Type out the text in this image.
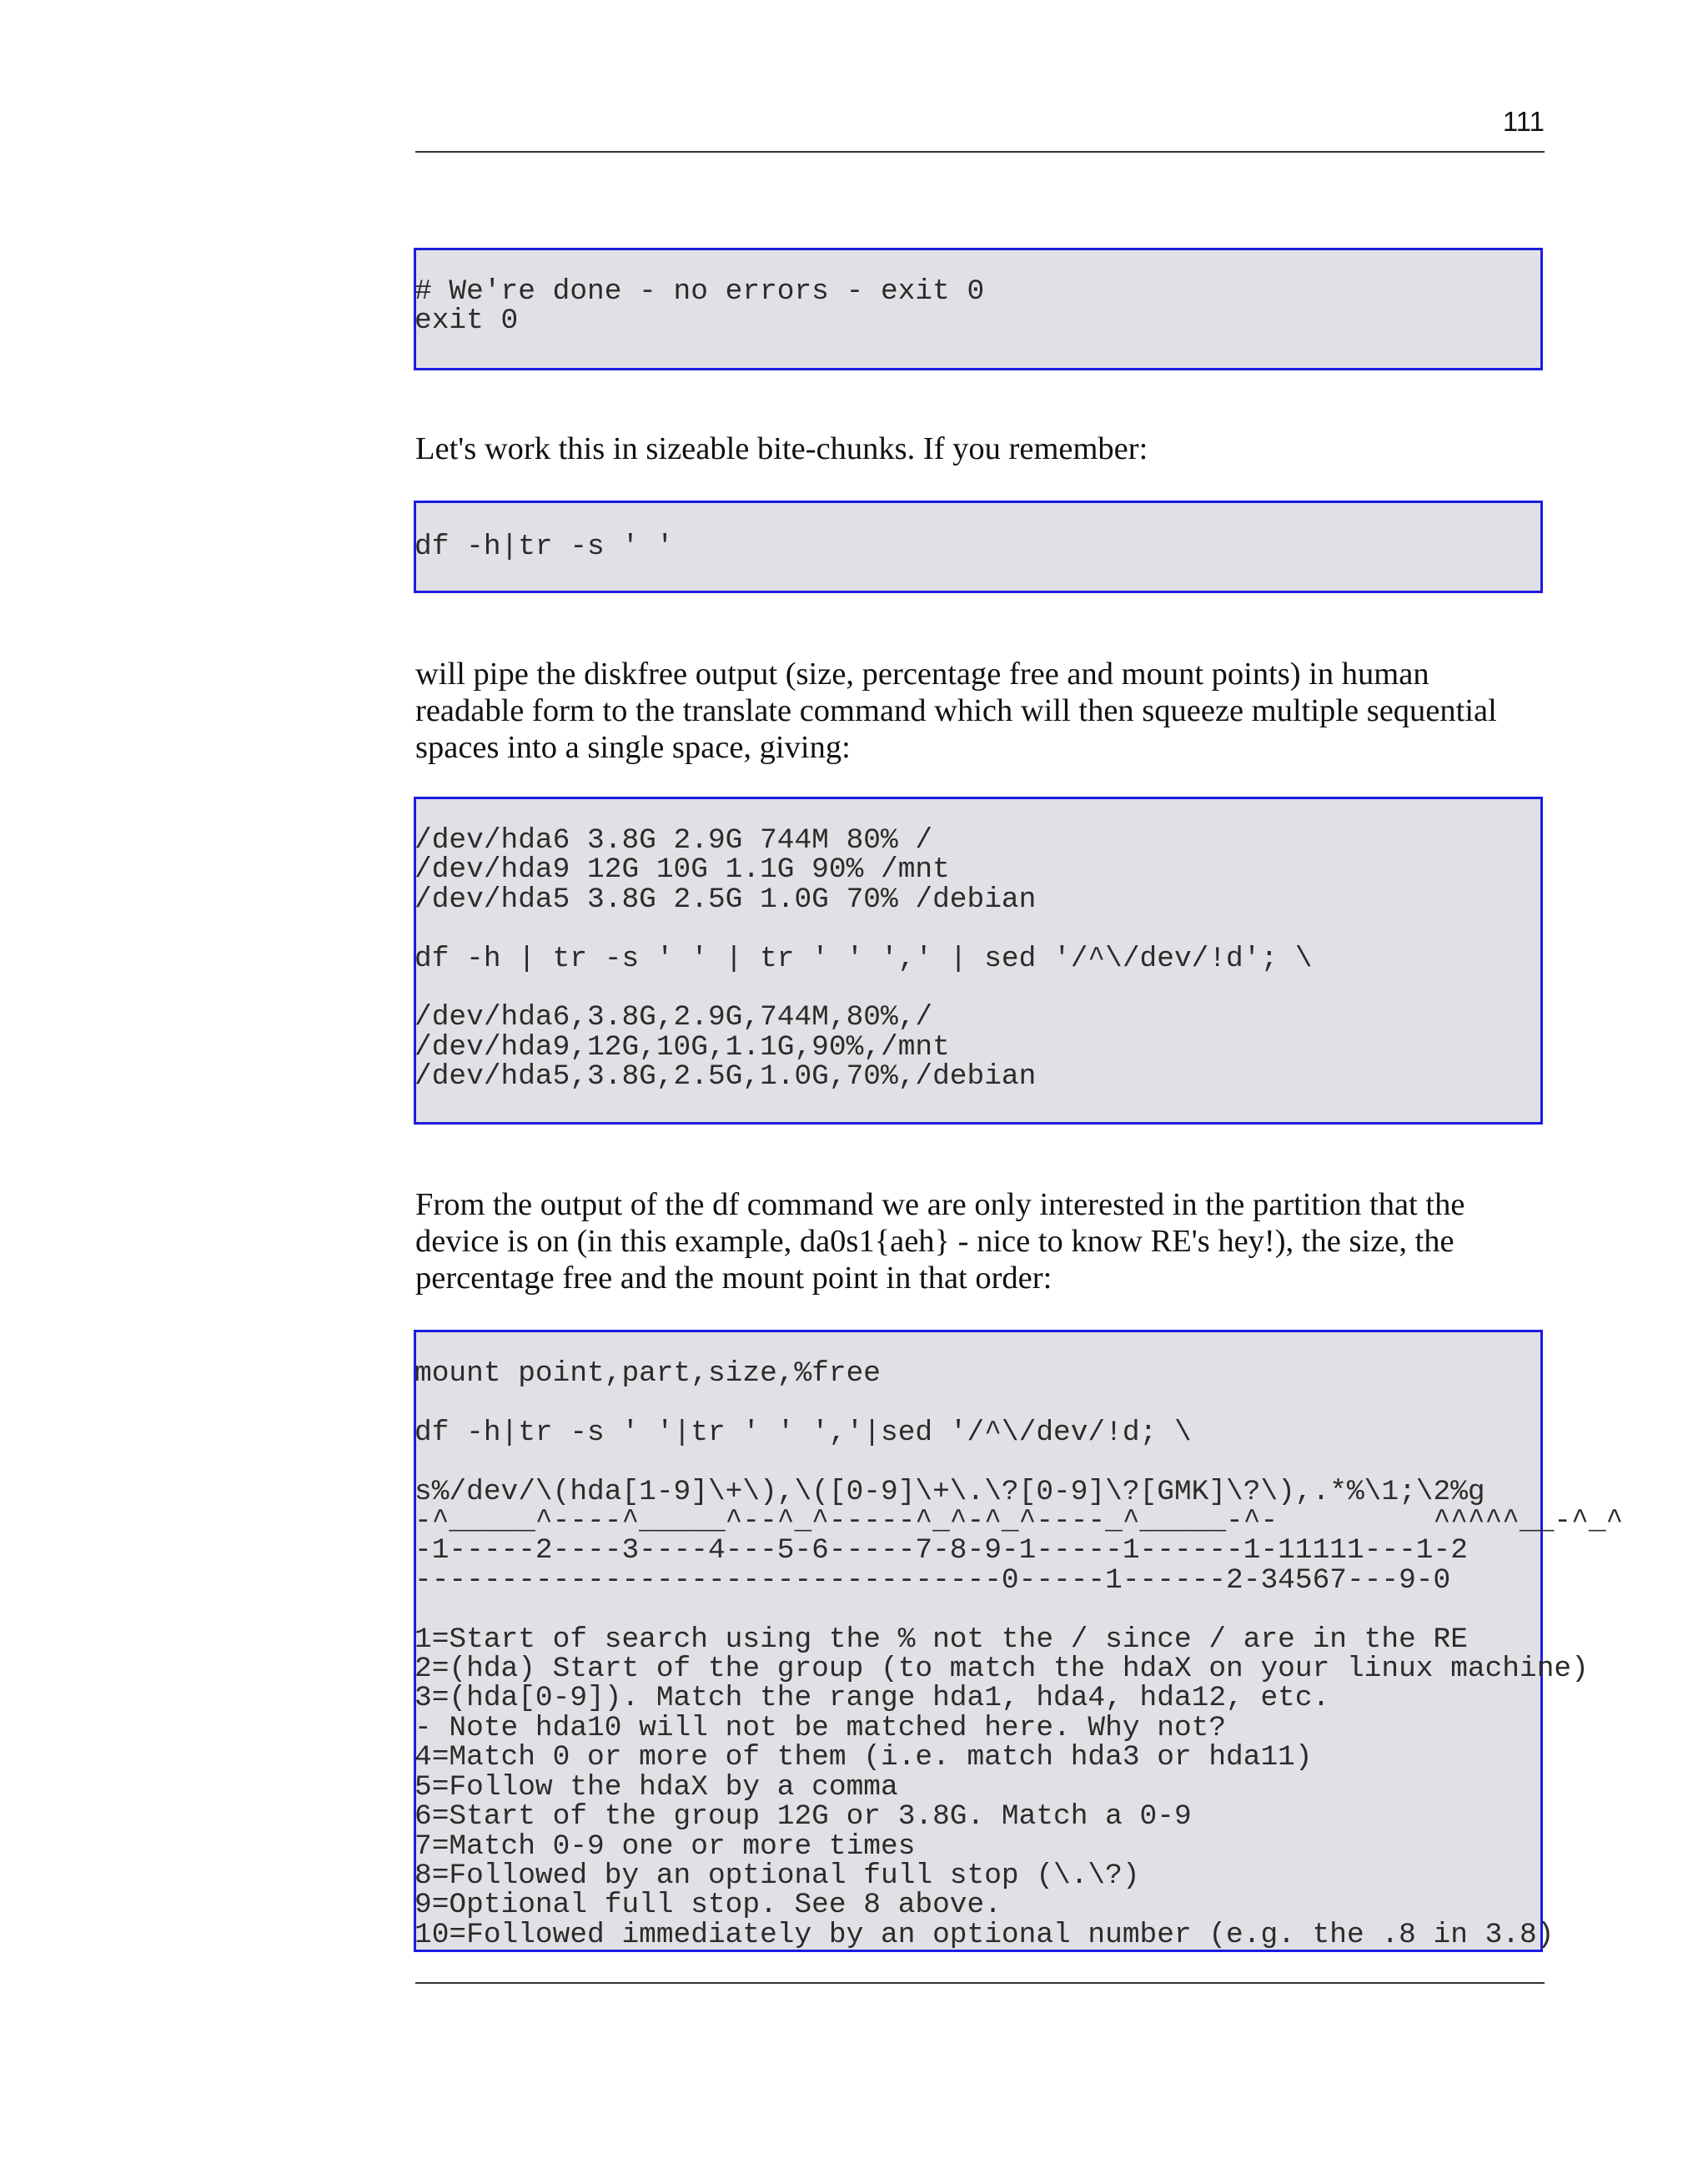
111
# We're done - no errors - exit 0
exit 0

Let's work this in sizeable bite-chunks. If you remember:

df -h|tr -s ' '

will pipe the diskfree output (size, percentage free and mount points) in human
readable form to the translate command which will then squeeze multiple sequential
spaces into a single space, giving:

/dev/hda6 3.8G 2.9G 744M 80% /
/dev/hda9 12G 10G 1.1G 90% /mnt
/dev/hda5 3.8G 2.5G 1.0G 70% /debian

df -h | tr -s ' ' | tr ' ' ',' | sed '/^\/dev/!d'; \

/dev/hda6,3.8G,2.9G,744M,80%,/
/dev/hda9,12G,10G,1.1G,90%,/mnt
/dev/hda5,3.8G,2.5G,1.0G,70%,/debian

From the output of the df command we are only interested in the partition that the
device is on (in this example, da0s1{aeh} - nice to know RE's hey!), the size, the
percentage free and the mount point in that order:

mount point,part,size,%free

df -h|tr -s ' '|tr ' ' ','|sed '/^\/dev/!d; \

s%/dev/\(hda[1-9]\+\),\([0-9]\+\.\?[0-9]\?[GMK]\?\),.*%\1;\2%g
-^_____^----^_____^--^_^-----^_^-^_^----_^_____-^-         ^^^^^__-^_^
-1-----2----3----4---5-6-----7-8-9-1-----1------1-11111---1-2
----------------------------------0-----1------2-34567---9-0

1=Start of search using the % not the / since / are in the RE
2=(hda) Start of the group (to match the hdaX on your linux machine)
3=(hda[0-9]). Match the range hda1, hda4, hda12, etc.
- Note hda10 will not be matched here. Why not?
4=Match 0 or more of them (i.e. match hda3 or hda11)
5=Follow the hdaX by a comma
6=Start of the group 12G or 3.8G. Match a 0-9
7=Match 0-9 one or more times
8=Followed by an optional full stop (\.\?)
9=Optional full stop. See 8 above.
10=Followed immediately by an optional number (e.g. the .8 in 3.8)
